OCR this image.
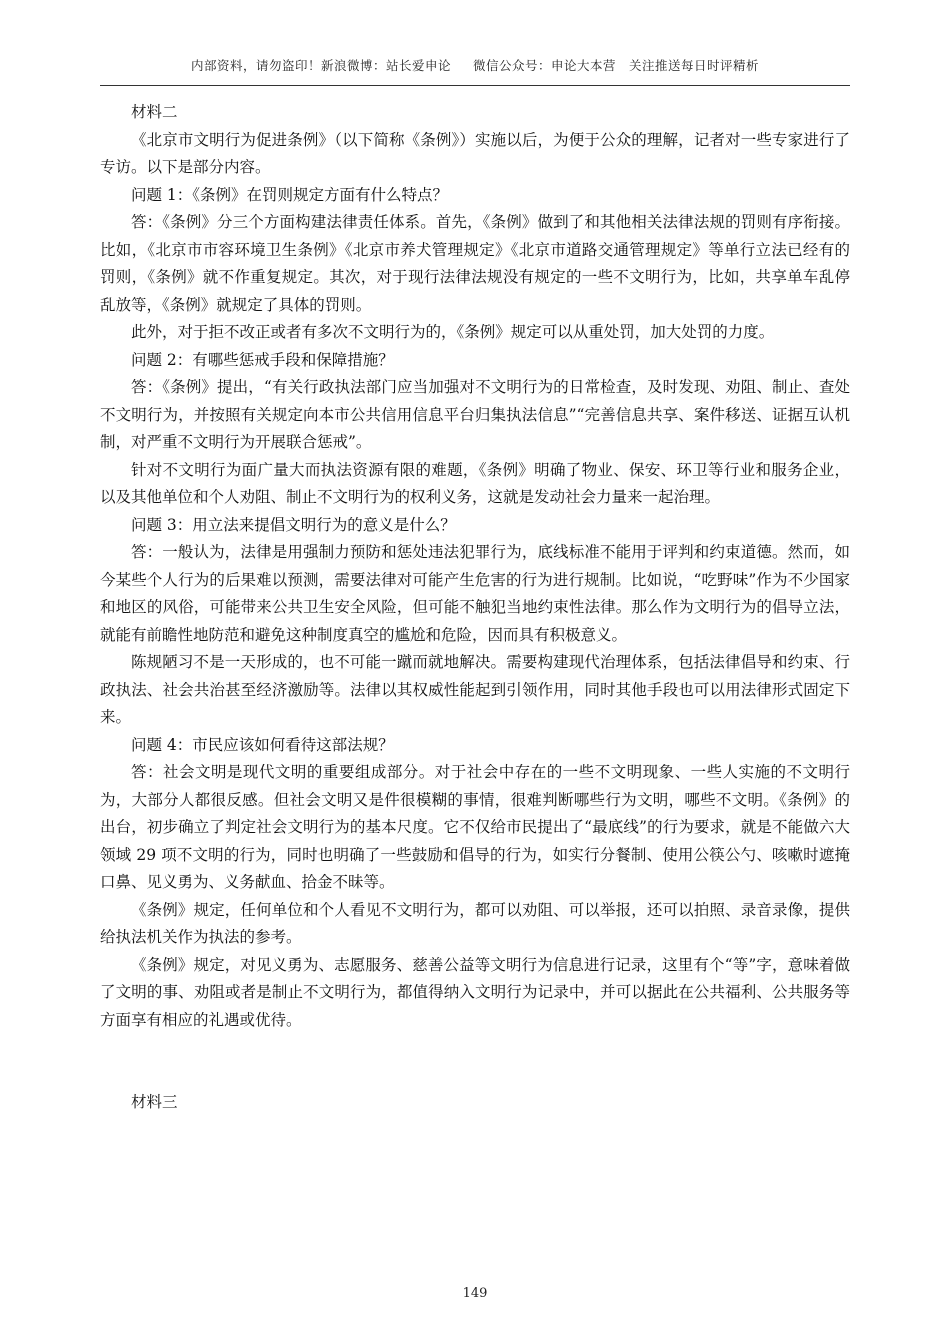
内部资料，请勿盗印！新浪微博：站长爱申论 微信公众号：申论大本营　关注推送每日时评精析

材料二

《北京市文明行为促进条例》（以下简称《条例》）实施以后，为便于公众的理解，记者对一些专家进行了专访。以下是部分内容。

问题 1：《条例》在罚则规定方面有什么特点？

答：《条例》分三个方面构建法律责任体系。首先，《条例》做到了和其他相关法律法规的罚则有序衔接。比如，《北京市市容环境卫生条例》《北京市养犬管理规定》《北京市道路交通管理规定》等单行立法已经有的罚则，《条例》就不作重复规定。其次，对于现行法律法规没有规定的一些不文明行为，比如，共享单车乱停乱放等，《条例》就规定了具体的罚则。

此外，对于拒不改正或者有多次不文明行为的，《条例》规定可以从重处罚，加大处罚的力度。

问题 2：有哪些惩戒手段和保障措施？

答：《条例》提出，“有关行政执法部门应当加强对不文明行为的日常检查，及时发现、劝阻、制止、查处不文明行为，并按照有关规定向本市公共信用信息平台归集执法信息”“完善信息共享、案件移送、证据互认机制，对严重不文明行为开展联合惩戒”。

针对不文明行为面广量大而执法资源有限的难题，《条例》明确了物业、保安、环卫等行业和服务企业，以及其他单位和个人劝阻、制止不文明行为的权利义务，这就是发动社会力量来一起治理。

问题 3：用立法来提倡文明行为的意义是什么？

答：一般认为，法律是用强制力预防和惩处违法犯罪行为，底线标准不能用于评判和约束道德。然而，如今某些个人行为的后果难以预测，需要法律对可能产生危害的行为进行规制。比如说，“吃野味”作为不少国家和地区的风俗，可能带来公共卫生安全风险，但可能不触犯当地约束性法律。那么作为文明行为的倡导立法，就能有前瞻性地防范和避免这种制度真空的尴尬和危险，因而具有积极意义。

陈规陋习不是一天形成的，也不可能一蹴而就地解决。需要构建现代治理体系，包括法律倡导和约束、行政执法、社会共治甚至经济激励等。法律以其权威性能起到引领作用，同时其他手段也可以用法律形式固定下来。

问题 4：市民应该如何看待这部法规？

答：社会文明是现代文明的重要组成部分。对于社会中存在的一些不文明现象、一些人实施的不文明行为，大部分人都很反感。但社会文明又是件很模糊的事情，很难判断哪些行为文明，哪些不文明。《条例》的出台，初步确立了判定社会文明行为的基本尺度。它不仅给市民提出了“最底线”的行为要求，就是不能做六大领域 29 项不文明的行为，同时也明确了一些鼓励和倡导的行为，如实行分餐制、使用公筷公勺、咳嗽时遮掩口鼻、见义勇为、义务献血、拾金不昧等。

《条例》规定，任何单位和个人看见不文明行为，都可以劝阻、可以举报，还可以拍照、录音录像，提供给执法机关作为执法的参考。

《条例》规定，对见义勇为、志愿服务、慈善公益等文明行为信息进行记录，这里有个“等”字，意味着做了文明的事、劝阻或者是制止不文明行为，都值得纳入文明行为记录中，并可以据此在公共福利、公共服务等方面享有相应的礼遇或优待。

材料三

149
